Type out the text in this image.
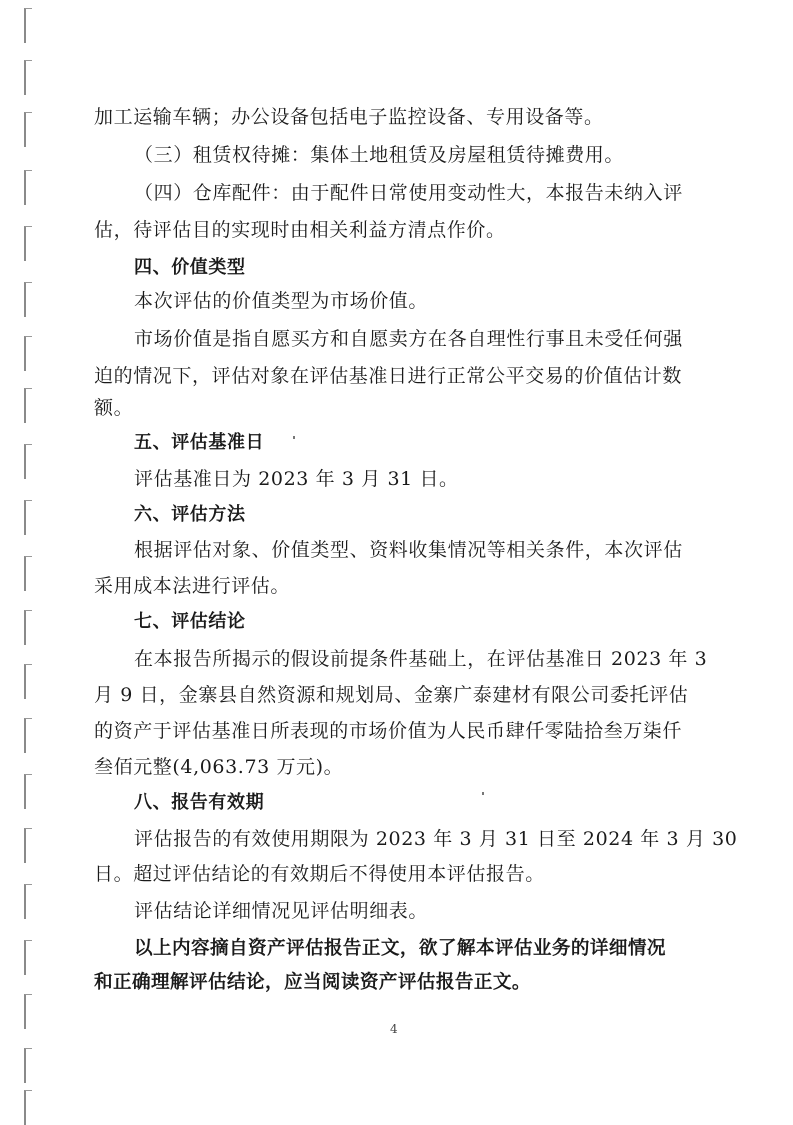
加工运输车辆；办公设备包括电子监控设备、专用设备等。
（三）租赁权待摊：集体土地租赁及房屋租赁待摊费用。
（四）仓库配件：由于配件日常使用变动性大，本报告未纳入评
估，待评估目的实现时由相关利益方清点作价。
四、价值类型
本次评估的价值类型为市场价值。
市场价值是指自愿买方和自愿卖方在各自理性行事且未受任何强
迫的情况下，评估对象在评估基准日进行正常公平交易的价值估计数
额。
五、评估基准日
评估基准日为 2023 年 3 月 31 日。
六、评估方法
根据评估对象、价值类型、资料收集情况等相关条件，本次评估
采用成本法进行评估。
七、评估结论
在本报告所揭示的假设前提条件基础上，在评估基准日 2023 年 3
月 9 日，金寨县自然资源和规划局、金寨广泰建材有限公司委托评估
的资产于评估基准日所表现的市场价值为人民币肆仟零陆拾叁万柒仟
叁佰元整(4,063.73 万元)。
八、报告有效期
评估报告的有效使用期限为 2023 年 3 月 31 日至 2024 年 3 月 30
日。超过评估结论的有效期后不得使用本评估报告。
评估结论详细情况见评估明细表。
以上内容摘自资产评估报告正文，欲了解本评估业务的详细情况
和正确理解评估结论，应当阅读资产评估报告正文。
4
